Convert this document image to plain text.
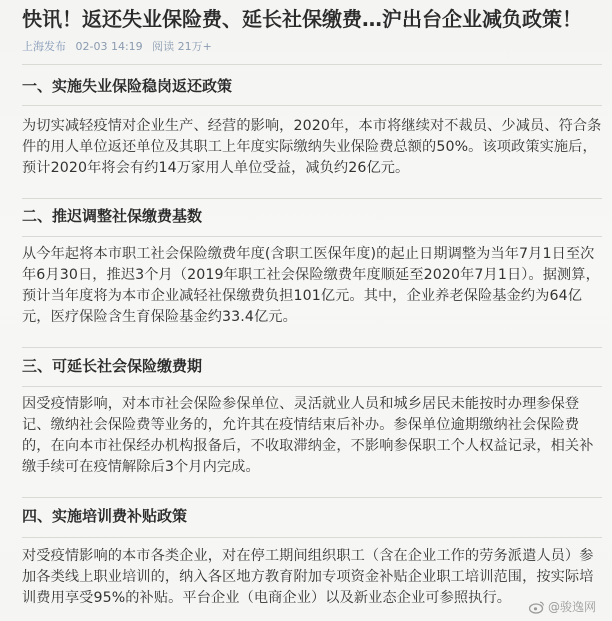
快讯！返还失业保险费、延长社保缴费…沪出台企业减负政策！
上海发布 02-03 14:19 阅读 21万+
一、实施失业保险稳岗返还政策
为切实减轻疫情对企业生产、经营的影响，2020年，本市将继续对不裁员、少减员、符合条件的用人单位返还单位及其职工上年度实际缴纳失业保险费总额的50%。该项政策实施后，预计2020年将会有约14万家用人单位受益，减负约26亿元。
二、推迟调整社保缴费基数
从今年起将本市职工社会保险缴费年度(含职工医保年度)的起止日期调整为当年7月1日至次年6月30日，推迟3个月（2019年职工社会保险缴费年度顺延至2020年7月1日）。据测算，预计当年度将为本市企业减轻社保缴费负担101亿元。其中，企业养老保险基金约为64亿元，医疗保险含生育保险基金约33.4亿元。
三、可延长社会保险缴费期
因受疫情影响，对本市社会保险参保单位、灵活就业人员和城乡居民未能按时办理参保登记、缴纳社会保险费等业务的，允许其在疫情结束后补办。参保单位逾期缴纳社会保险费的，在向本市社保经办机构报备后，不收取滞纳金，不影响参保职工个人权益记录，相关补缴手续可在疫情解除后3个月内完成。
四、实施培训费补贴政策
对受疫情影响的本市各类企业，对在停工期间组织职工（含在企业工作的劳务派遣人员）参加各类线上职业培训的，纳入各区地方教育附加专项资金补贴企业职工培训范围，按实际培训费用享受95%的补贴。平台企业（电商企业）以及新业态企业可参照执行。
@骏逸网
